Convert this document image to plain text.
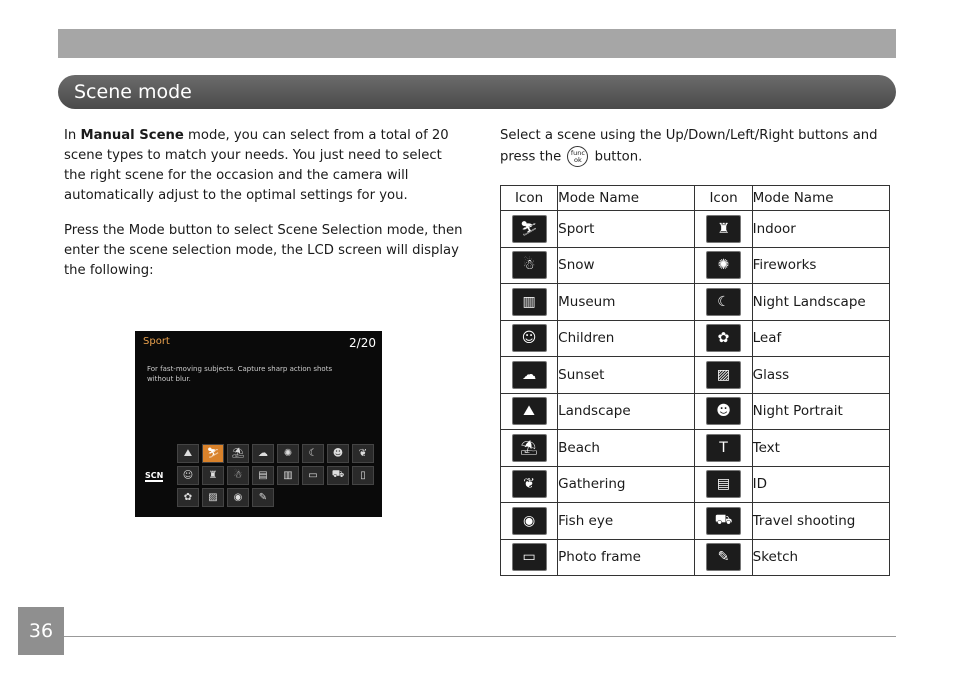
Scene mode

In Manual Scene mode, you can select from a total of 20 scene types to match your needs. You just need to select the right scene for the occasion and the camera will automatically adjust to the optimal settings for you.

Press the Mode button to select Scene Selection mode, then enter the scene selection mode, the LCD screen will display the following:

Select a scene using the Up/Down/Left/Right buttons and press the func
ok button.

Sport	2/20
For fast-moving subjects. Capture sharp action shots without blur.
SCN
⛰	⛷	⛱	☁	✺	☾	☻	❦
☺	♜	☃	▤	▥	▭	⛟	▯
✿	▨	◉	✎
Icon	Mode Name	Icon	Mode Name
⛷	Sport	♜	Indoor
☃	Snow	✺	Fireworks
▥	Museum	☾	Night Landscape
☺	Children	✿	Leaf
☁	Sunset	▨	Glass
⛰	Landscape	☻	Night Portrait
⛱	Beach	T	Text
❦	Gathering	▤	ID
◉	Fish eye	⛟	Travel shooting
▭	Photo frame	✎	Sketch
36
